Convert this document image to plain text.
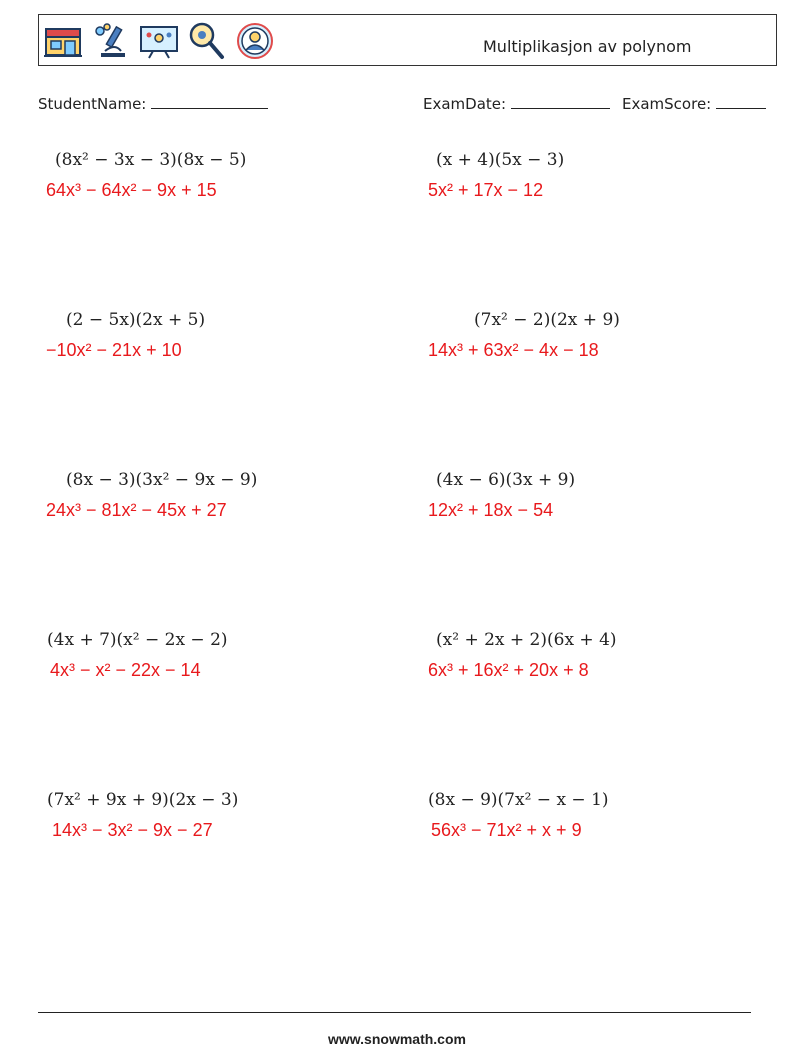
Multiplikasjon av polynom
StudentName:	ExamDate:	ExamScore:
(8x² − 3x − 3)(8x − 5)
64x³ − 64x² − 9x + 15
(x + 4)(5x − 3)
5x² + 17x − 12
(2 − 5x)(2x + 5)
−10x² − 21x + 10
(7x² − 2)(2x + 9)
14x³ + 63x² − 4x − 18
(8x − 3)(3x² − 9x − 9)
24x³ − 81x² − 45x + 27
(4x − 6)(3x + 9)
12x² + 18x − 54
(4x + 7)(x² − 2x − 2)
4x³ − x² − 22x − 14
(x² + 2x + 2)(6x + 4)
6x³ + 16x² + 20x + 8
(7x² + 9x + 9)(2x − 3)
14x³ − 3x² − 9x − 27
(8x − 9)(7x² − x − 1)
56x³ − 71x² + x + 9
www.snowmath.com
